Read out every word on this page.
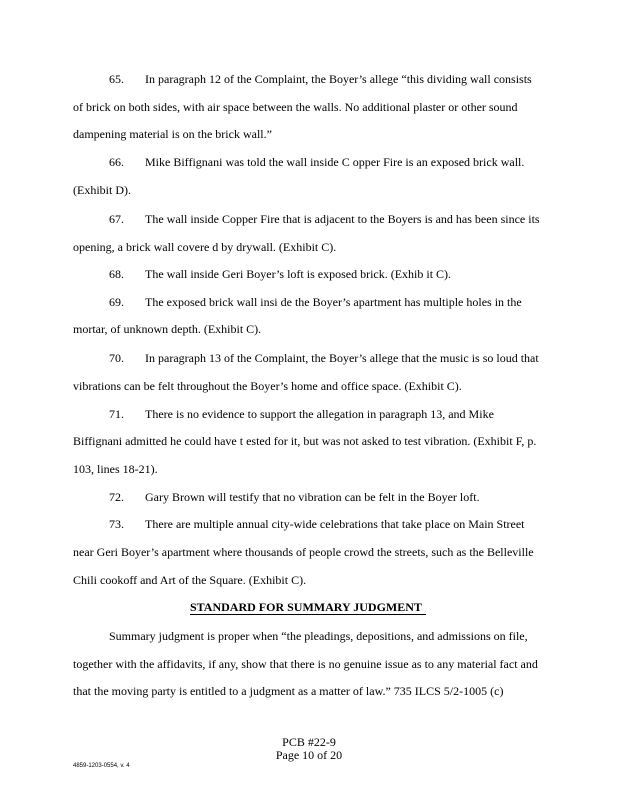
65. In paragraph 12 of the Complaint, the Boyer’s allege “this dividing wall consists
of brick on both sides, with air space between the walls. No additional plaster or other sound
dampening material is on the brick wall.”
66. Mike Biffignani was told the wall inside C opper Fire is an exposed brick wall.
(Exhibit D).
67. The wall inside Copper Fire that is adjacent to the Boyers is and has been since its
opening, a brick wall covere d by drywall. (Exhibit C).
68. The wall inside Geri Boyer’s loft is exposed brick. (Exhib it C).
69. The exposed brick wall insi de the Boyer’s apartment has multiple holes in the
mortar, of unknown depth. (Exhibit C).
70. In paragraph 13 of the Complaint, the Boyer’s allege that the music is so loud that
vibrations can be felt throughout the Boyer’s home and office space. (Exhibit C).
71. There is no evidence to support the allegation in paragraph 13, and Mike
Biffignani admitted he could have t ested for it, but was not asked to test vibration. (Exhibit F, p.
103, lines 18-21).
72. Gary Brown will testify that no vibration can be felt in the Boyer loft.
73. There are multiple annual city-wide celebrations that take place on Main Street
near Geri Boyer’s apartment where thousands of people crowd the streets, such as the Belleville
Chili cookoff and Art of the Square. (Exhibit C).
STANDARD FOR SUMMARY JUDGMENT
Summary judgment is proper when “the pleadings, depositions, and admissions on file,
together with the affidavits, if any, show that there is no genuine issue as to any material fact and
that the moving party is entitled to a judgment as a matter of law.” 735 ILCS 5/2-1005 (c)
PCB #22-9
Page 10 of 20
4859-1203-0554, v. 4
